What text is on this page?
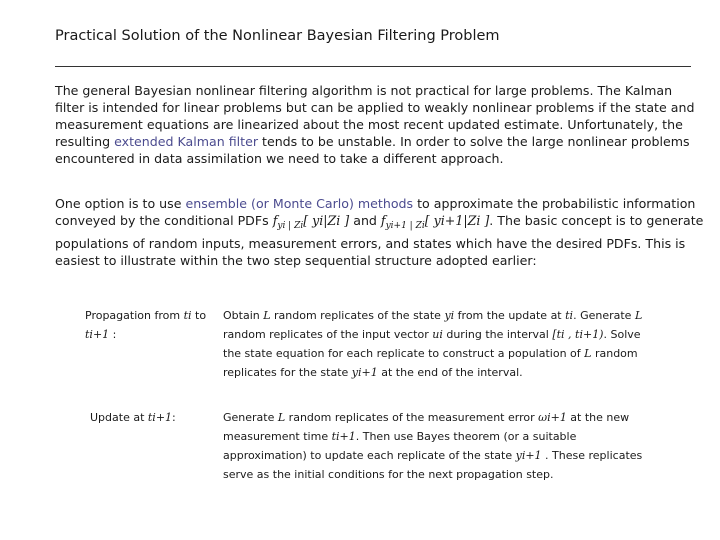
Practical Solution of the Nonlinear Bayesian Filtering Problem
The general Bayesian nonlinear filtering algorithm is not practical for large problems. The Kalman filter is intended for linear problems but can be applied to weakly nonlinear problems if the state and measurement equations are linearized about the most recent updated estimate. Unfortunately, the resulting extended Kalman filter tends to be unstable. In order to solve the large nonlinear problems encountered in data assimilation we need to take a different approach.
One option is to use ensemble (or Monte Carlo) methods to approximate the probabilistic information conveyed by the conditional PDFs $f_{yi | Zi}$[ yi|Zi ] and $f_{yi+1 | Zi}$[ yi+1|Zi ]. The basic concept is to generate populations of random inputs, measurement errors, and states which have the desired PDFs. This is easiest to illustrate within the two step sequential structure adopted earlier:
Propagation from ti to ti+1 :
Obtain L random replicates of the state yi from the update at ti. Generate L random replicates of the input vector ui during the interval [ti , ti+1). Solve the state equation for each replicate to construct a population of L random replicates for the state yi+1 at the end of the interval.
Update at ti+1:	Generate L random replicates of the measurement error ωi+1 at the new measurement time ti+1. Then use Bayes theorem (or a suitable approximation) to update each replicate of the state yi+1 . These replicates serve as the initial conditions for the next propagation step.
